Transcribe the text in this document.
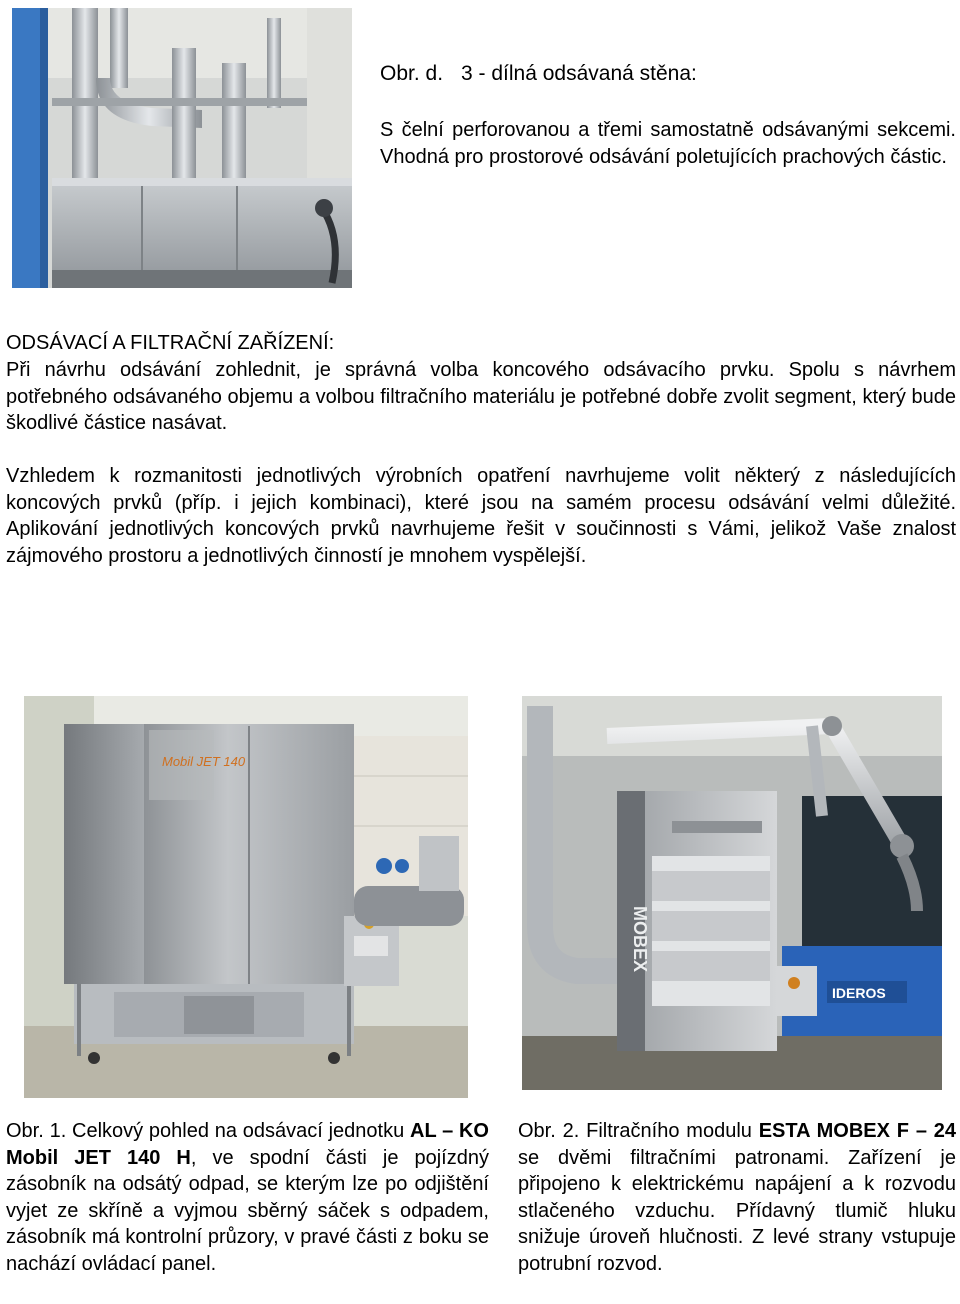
Obr. d. 3 - dílná odsávaná stěna:
S čelní perforovanou a třemi samostatně odsávanými sekcemi. Vhodná pro prostorové odsávání poletujících prachových částic.
ODSÁVACÍ A FILTRAČNÍ ZAŘÍZENÍ:
Při návrhu odsávání zohlednit, je správná volba koncového odsávacího prvku. Spolu s návrhem potřebného odsávaného objemu a volbou filtračního materiálu je potřebné dobře zvolit segment, který bude škodlivé částice nasávat.
Vzhledem k rozmanitosti jednotlivých výrobních opatření navrhujeme volit některý z následujících koncových prvků (příp. i jejich kombinaci), které jsou na samém procesu odsávání velmi důležité. Aplikování jednotlivých koncových prvků navrhujeme řešit v součinnosti s Vámi, jelikož Vaše znalost zájmového prostoru a jednotlivých činností je mnohem vyspělejší.
Mobil JET 140
MOBEX
IDEROS
Obr. 1. Celkový pohled na odsávací jednotku AL – KO Mobil JET 140 H, ve spodní části je pojízdný zásobník na odsátý odpad, se kterým lze po odjištění vyjet ze skříně a vyjmou sběrný sáček s odpadem, zásobník má kontrolní průzory, v pravé části z boku se nachází ovládací panel.
Obr. 2. Filtračního modulu ESTA MOBEX F – 24 se dvěmi filtračními patronami. Zařízení je připojeno k elektrickému napájení a k rozvodu stlačeného vzduchu. Přídavný tlumič hluku snižuje úroveň hlučnosti. Z levé strany vstupuje potrubní rozvod.
